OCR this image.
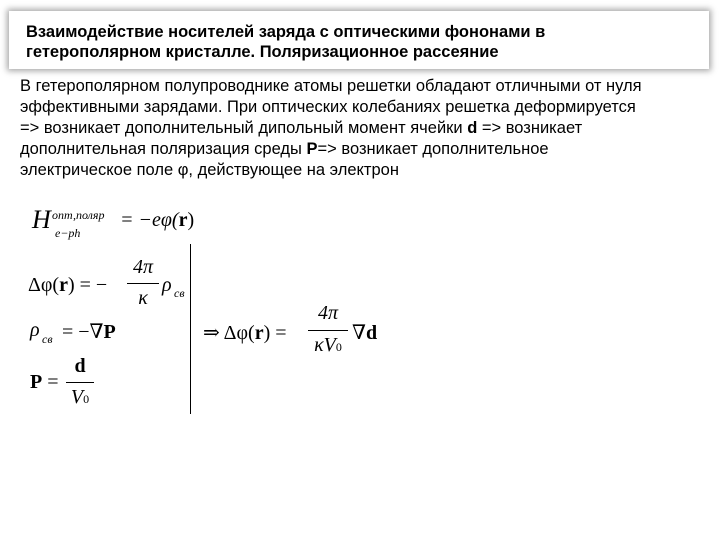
Взаимодействие носителей заряда с оптическими фононами в
гетерополярном кристалле. Поляризационное рассеяние
В гетерополярном полупроводнике атомы решетки обладают отличными от нуля
эффективными зарядами. При оптических колебаниях решетка деформируется
=> возникает дополнительный дипольный момент ячейки d => возникает
дополнительная поляризация среды P=> возникает дополнительное
электрическое поле φ, действующее на электрон
H опт,поляр
e−ph
= −eφ(r)
Δφ(r) = −
4π
κ
ρ св
ρ св = −∇P
P =
d
V0
⇒ Δφ(r) =
4π
κV0
∇d
